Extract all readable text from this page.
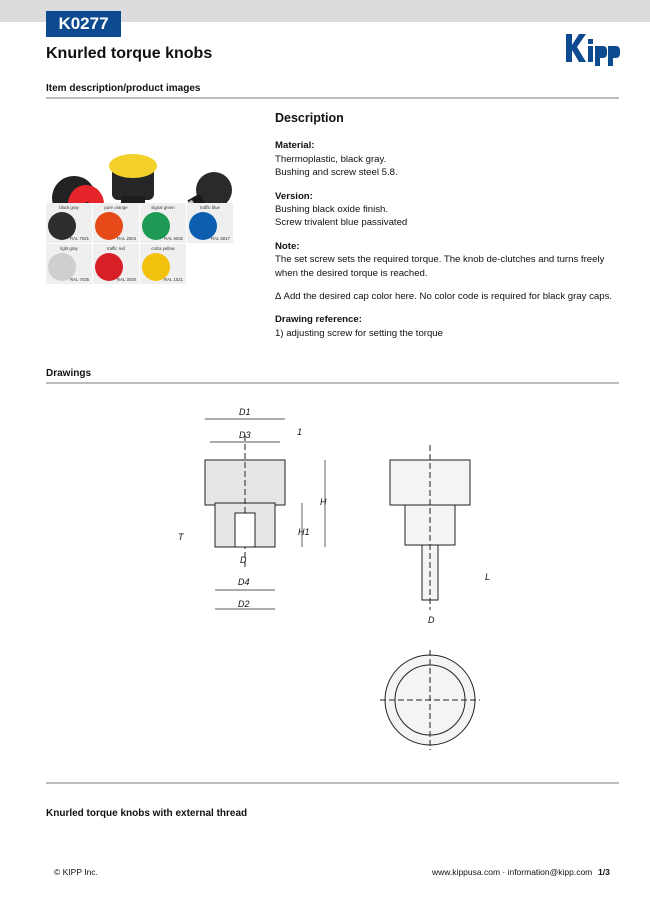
K0277
Knurled torque knobs
Item description/product images
black gray
RAL 7021
pure orange
RAL 2004
signal green
RAL 6032
traffic blue
RAL 5017
light gray
RAL 7035
traffic red
RAL 3020
colza yellow
RAL 1021
Description

Material:

Thermoplastic, black gray.

Bushing and screw steel 5.8.

Version:

Bushing black oxide finish.

Screw trivalent blue passivated

Note:

The set screw sets the required torque. The knob de-clutches and turns freely when the desired torque is reached.

Δ Add the desired cap color here. No color code is required for black gray caps.

Drawing reference:

1) adjusting screw for setting the torque

Drawings
D1
D3	1
H
H1
T
D
D4
D2
L
D
Knurled torque knobs with external thread
© KIPP Inc.	www.kippusa.com · information@kipp.com 1/3
